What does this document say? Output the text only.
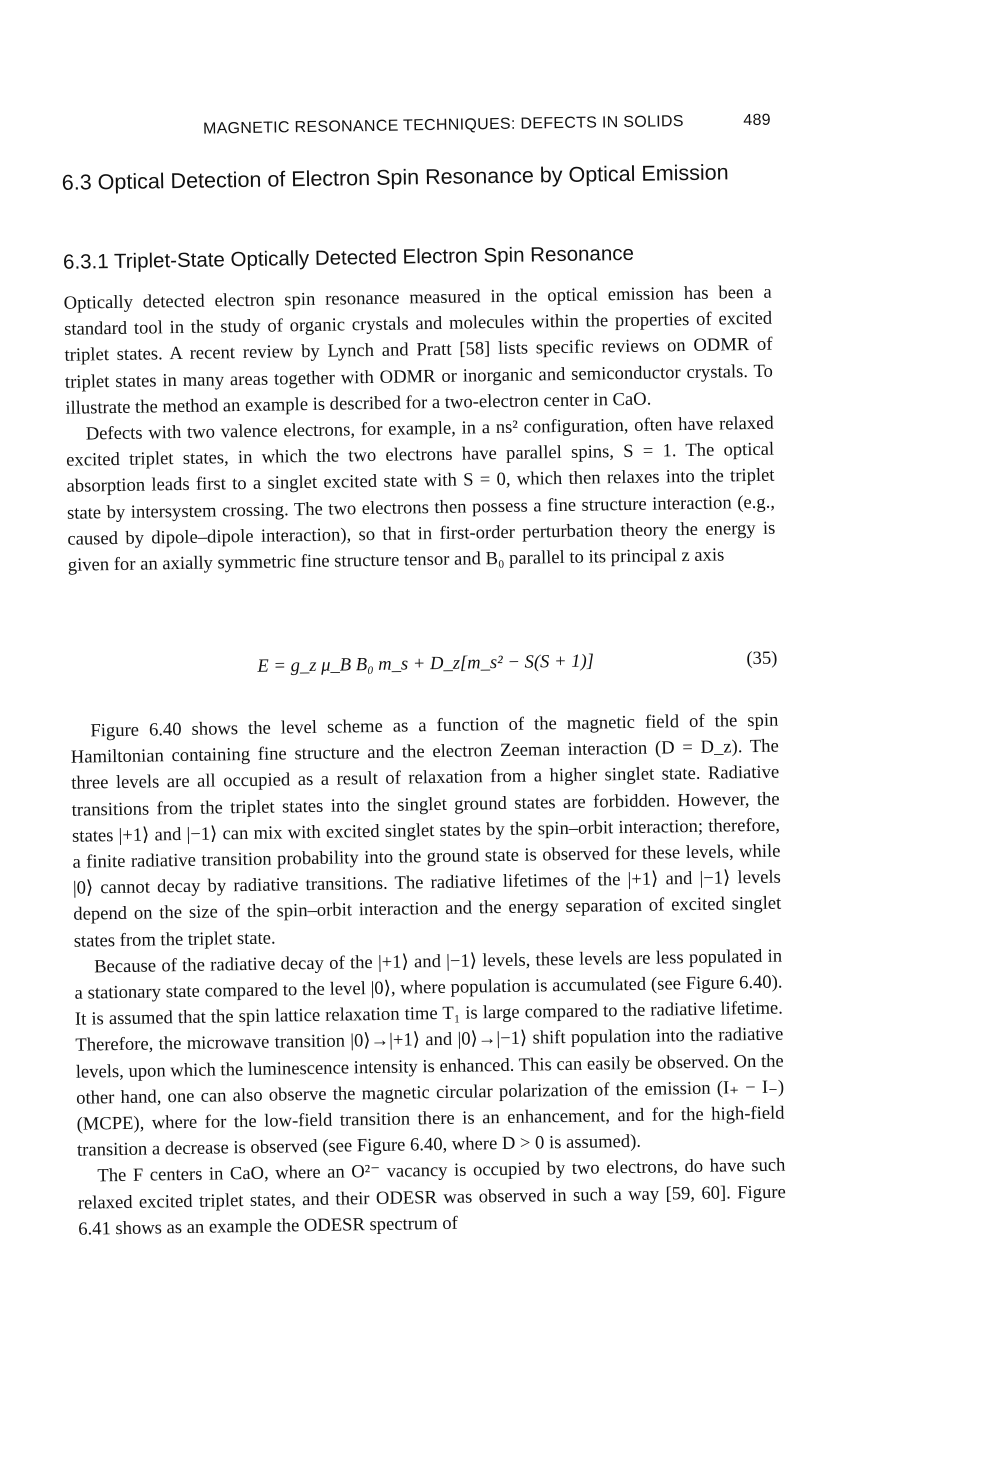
MAGNETIC RESONANCE TECHNIQUES: DEFECTS IN SOLIDS	489
6.3 Optical Detection of Electron Spin Resonance by Optical Emission
6.3.1 Triplet-State Optically Detected Electron Spin Resonance

Optically detected electron spin resonance measured in the optical emission has been a standard tool in the study of organic crystals and molecules within the properties of excited triplet states. A recent review by Lynch and Pratt [58] lists specific reviews on ODMR of triplet states in many areas together with ODMR or inorganic and semiconductor crystals. To illustrate the method an example is described for a two-electron center in CaO.

Defects with two valence electrons, for example, in a ns² configuration, often have relaxed excited triplet states, in which the two electrons have parallel spins, S = 1. The optical absorption leads first to a singlet excited state with S = 0, which then relaxes into the triplet state by intersystem crossing. The two electrons then possess a fine structure interaction (e.g., caused by dipole–dipole interaction), so that in first-order perturbation theory the energy is given for an axially symmetric fine structure tensor and B₀ parallel to its principal z axis

E = g_z μ_B B₀ m_s + D_z[m_s² − S(S + 1)]	(35)

Figure 6.40 shows the level scheme as a function of the magnetic field of the spin Hamiltonian containing fine structure and the electron Zeeman interaction (D = D_z). The three levels are all occupied as a result of relaxation from a higher singlet state. Radiative transitions from the triplet states into the singlet ground states are forbidden. However, the states |+1⟩ and |−1⟩ can mix with excited singlet states by the spin–orbit interaction; therefore, a finite radiative transition probability into the ground state is observed for these levels, while |0⟩ cannot decay by radiative transitions. The radiative lifetimes of the |+1⟩ and |−1⟩ levels depend on the size of the spin–orbit interaction and the energy separation of excited singlet states from the triplet state.

Because of the radiative decay of the |+1⟩ and |−1⟩ levels, these levels are less populated in a stationary state compared to the level |0⟩, where population is accumulated (see Figure 6.40). It is assumed that the spin lattice relaxation time T₁ is large compared to the radiative lifetime. Therefore, the microwave transition |0⟩→|+1⟩ and |0⟩→|−1⟩ shift population into the radiative levels, upon which the luminescence intensity is enhanced. This can easily be observed. On the other hand, one can also observe the magnetic circular polarization of the emission (I₊ − I₋)(MCPE), where for the low-field transition there is an enhancement, and for the high-field transition a decrease is observed (see Figure 6.40, where D > 0 is assumed).

The F centers in CaO, where an O²⁻ vacancy is occupied by two electrons, do have such relaxed excited triplet states, and their ODESR was observed in such a way [59, 60]. Figure 6.41 shows as an example the ODESR spectrum of
